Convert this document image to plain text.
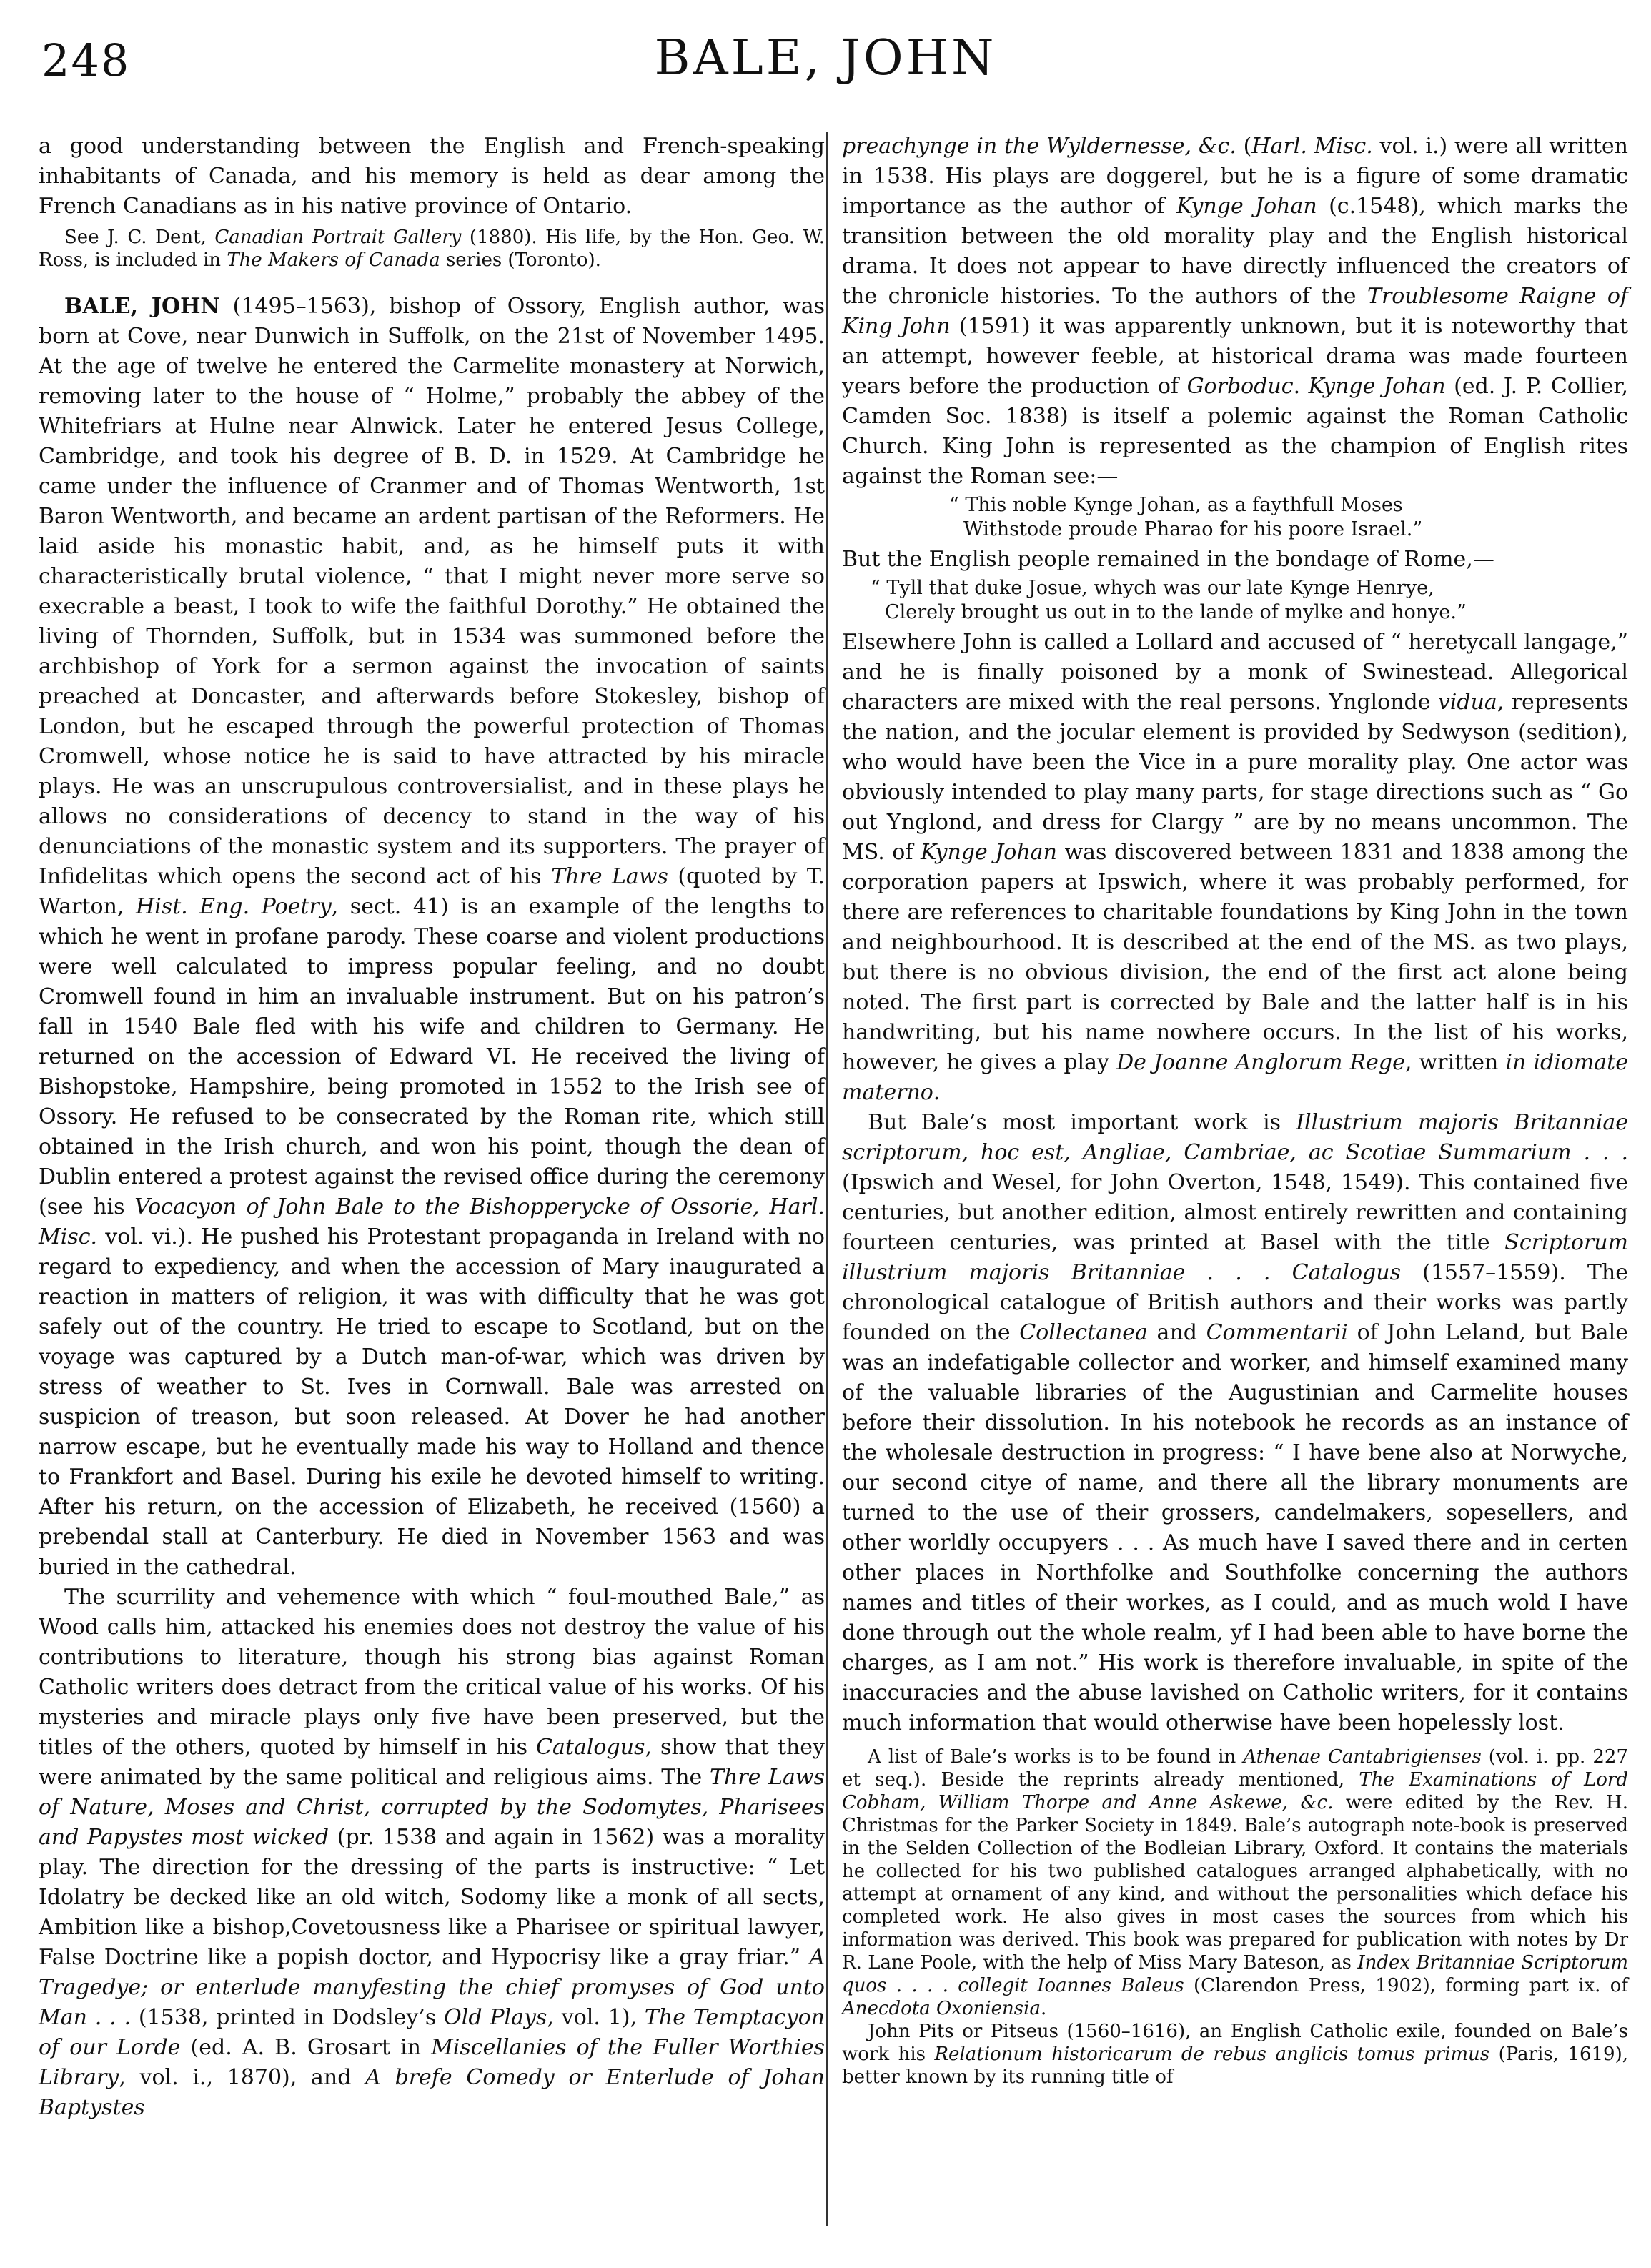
248	BALE, JOHN

a good understanding between the English and French-speaking inhabitants of Canada, and his memory is held as dear among the French Canadians as in his native province of Ontario.

See J. C. Dent, Canadian Portrait Gallery (1880). His life, by the Hon. Geo. W. Ross, is included in The Makers of Canada series (Toronto).

BALE, JOHN (1495–1563), bishop of Ossory, English author, was born at Cove, near Dunwich in Suffolk, on the 21st of November 1495. At the age of twelve he entered the Carmelite monastery at Norwich, removing later to the house of “ Holme,” probably the abbey of the Whitefriars at Hulne near Alnwick. Later he entered Jesus College, Cambridge, and took his degree of B. D. in 1529. At Cambridge he came under the influence of Cranmer and of Thomas Wentworth, 1st Baron Wentworth, and became an ardent partisan of the Reformers. He laid aside his monastic habit, and, as he himself puts it with characteristically brutal violence, “ that I might never more serve so execrable a beast, I took to wife the faithful Dorothy.” He obtained the living of Thornden, Suffolk, but in 1534 was summoned before the archbishop of York for a sermon against the invocation of saints preached at Doncaster, and afterwards before Stokesley, bishop of London, but he escaped through the powerful protection of Thomas Cromwell, whose notice he is said to have attracted by his miracle plays. He was an unscrupulous controversialist, and in these plays he allows no considerations of decency to stand in the way of his denunciations of the monastic system and its supporters. The prayer of Infidelitas which opens the second act of his Thre Laws (quoted by T. Warton, Hist. Eng. Poetry, sect. 41) is an example of the lengths to which he went in profane parody. These coarse and violent productions were well calculated to impress popular feeling, and no doubt Cromwell found in him an invaluable instrument. But on his patron’s fall in 1540 Bale fled with his wife and children to Germany. He returned on the accession of Edward VI. He received the living of Bishopstoke, Hampshire, being promoted in 1552 to the Irish see of Ossory. He refused to be consecrated by the Roman rite, which still obtained in the Irish church, and won his point, though the dean of Dublin entered a protest against the revised office during the ceremony (see his Vocacyon of John Bale to the Bishopperycke of Ossorie, Harl. Misc. vol. vi.). He pushed his Protestant propaganda in Ireland with no regard to expediency, and when the accession of Mary inaugurated a reaction in matters of religion, it was with difficulty that he was got safely out of the country. He tried to escape to Scotland, but on the voyage was captured by a Dutch man-of-war, which was driven by stress of weather to St. Ives in Cornwall. Bale was arrested on suspicion of treason, but soon released. At Dover he had another narrow escape, but he eventually made his way to Holland and thence to Frankfort and Basel. During his exile he devoted himself to writing. After his return, on the accession of Elizabeth, he received (1560) a prebendal stall at Canterbury. He died in November 1563 and was buried in the cathedral.

The scurrility and vehemence with which “ foul-mouthed Bale,” as Wood calls him, attacked his enemies does not destroy the value of his contributions to literature, though his strong bias against Roman Catholic writers does detract from the critical value of his works. Of his mysteries and miracle plays only five have been preserved, but the titles of the others, quoted by himself in his Catalogus, show that they were animated by the same political and religious aims. The Thre Laws of Nature, Moses and Christ, corrupted by the Sodomytes, Pharisees and Papystes most wicked (pr. 1538 and again in 1562) was a morality play. The direction for the dressing of the parts is instructive: “ Let Idolatry be decked like an old witch, Sodomy like a monk of all sects, Ambition like a bishop,Covetousness like a Pharisee or spiritual lawyer, False Doctrine like a popish doctor, and Hypocrisy like a gray friar.” A Tragedye; or enterlude manyfesting the chief promyses of God unto Man . . . (1538, printed in Dodsley’s Old Plays, vol. 1), The Temptacyon of our Lorde (ed. A. B. Grosart in Miscellanies of the Fuller Worthies Library, vol. i., 1870), and A brefe Comedy or Enterlude of Johan Baptystes

preachynge in the Wyldernesse, &c. (Harl. Misc. vol. i.) were all written in 1538. His plays are doggerel, but he is a figure of some dramatic importance as the author of Kynge Johan (c.1548), which marks the transition between the old morality play and the English historical drama. It does not appear to have directly influenced the creators of the chronicle histories. To the authors of the Troublesome Raigne of King John (1591) it was apparently unknown, but it is noteworthy that an attempt, however feeble, at historical drama was made fourteen years before the production of Gorboduc. Kynge Johan (ed. J. P. Collier, Camden Soc. 1838) is itself a polemic against the Roman Catholic Church. King John is represented as the champion of English rites against the Roman see:—

“ This noble Kynge Johan, as a faythfull Moses
Withstode proude Pharao for his poore Israel.”

But the English people remained in the bondage of Rome,—

“ Tyll that duke Josue, whych was our late Kynge Henrye,
Clerely brought us out in to the lande of mylke and honye.”

Elsewhere John is called a Lollard and accused of “ heretycall langage,” and he is finally poisoned by a monk of Swinestead. Allegorical characters are mixed with the real persons. Ynglonde vidua, represents the nation, and the jocular element is provided by Sedwyson (sedition), who would have been the Vice in a pure morality play. One actor was obviously intended to play many parts, for stage directions such as “ Go out Ynglond, and dress for Clargy ” are by no means uncommon. The MS. of Kynge Johan was discovered between 1831 and 1838 among the corporation papers at Ipswich, where it was probably performed, for there are references to charitable foundations by King John in the town and neighbourhood. It is described at the end of the MS. as two plays, but there is no obvious division, the end of the first act alone being noted. The first part is corrected by Bale and the latter half is in his handwriting, but his name nowhere occurs. In the list of his works, however, he gives a play De Joanne Anglorum Rege, written in idiomate materno.

But Bale’s most important work is Illustrium majoris Britanniae scriptorum, hoc est, Angliae, Cambriae, ac Scotiae Summarium . . . (Ipswich and Wesel, for John Overton, 1548, 1549). This contained five centuries, but another edition, almost entirely rewritten and containing fourteen centuries, was printed at Basel with the title Scriptorum illustrium majoris Britanniae . . . Catalogus (1557–1559). The chronological catalogue of British authors and their works was partly founded on the Collectanea and Commentarii of John Leland, but Bale was an indefatigable collector and worker, and himself examined many of the valuable libraries of the Augustinian and Carmelite houses before their dissolution. In his notebook he records as an instance of the wholesale destruction in progress: “ I have bene also at Norwyche, our second citye of name, and there all the library monuments are turned to the use of their grossers, candelmakers, sopesellers, and other worldly occupyers . . . As much have I saved there and in certen other places in Northfolke and Southfolke concerning the authors names and titles of their workes, as I could, and as much wold I have done through out the whole realm, yf I had been able to have borne the charges, as I am not.” His work is therefore invaluable, in spite of the inaccuracies and the abuse lavished on Catholic writers, for it contains much information that would otherwise have been hopelessly lost.

A list of Bale’s works is to be found in Athenae Cantabrigienses (vol. i. pp. 227 et seq.). Beside the reprints already mentioned, The Examinations of Lord Cobham, William Thorpe and Anne Askewe, &c. were edited by the Rev. H. Christmas for the Parker Society in 1849. Bale’s autograph note-book is preserved in the Selden Collection of the Bodleian Library, Oxford. It contains the materials he collected for his two published catalogues arranged alphabetically, with no attempt at ornament of any kind, and without the personalities which deface his completed work. He also gives in most cases the sources from which his information was derived. This book was prepared for publication with notes by Dr R. Lane Poole, with the help of Miss Mary Bateson, as Index Britanniae Scriptorum quos . . . . collegit Ioannes Baleus (Clarendon Press, 1902), forming part ix. of Anecdota Oxoniensia.

John Pits or Pitseus (1560–1616), an English Catholic exile, founded on Bale’s work his Relationum historicarum de rebus anglicis tomus primus (Paris, 1619), better known by its running title of
